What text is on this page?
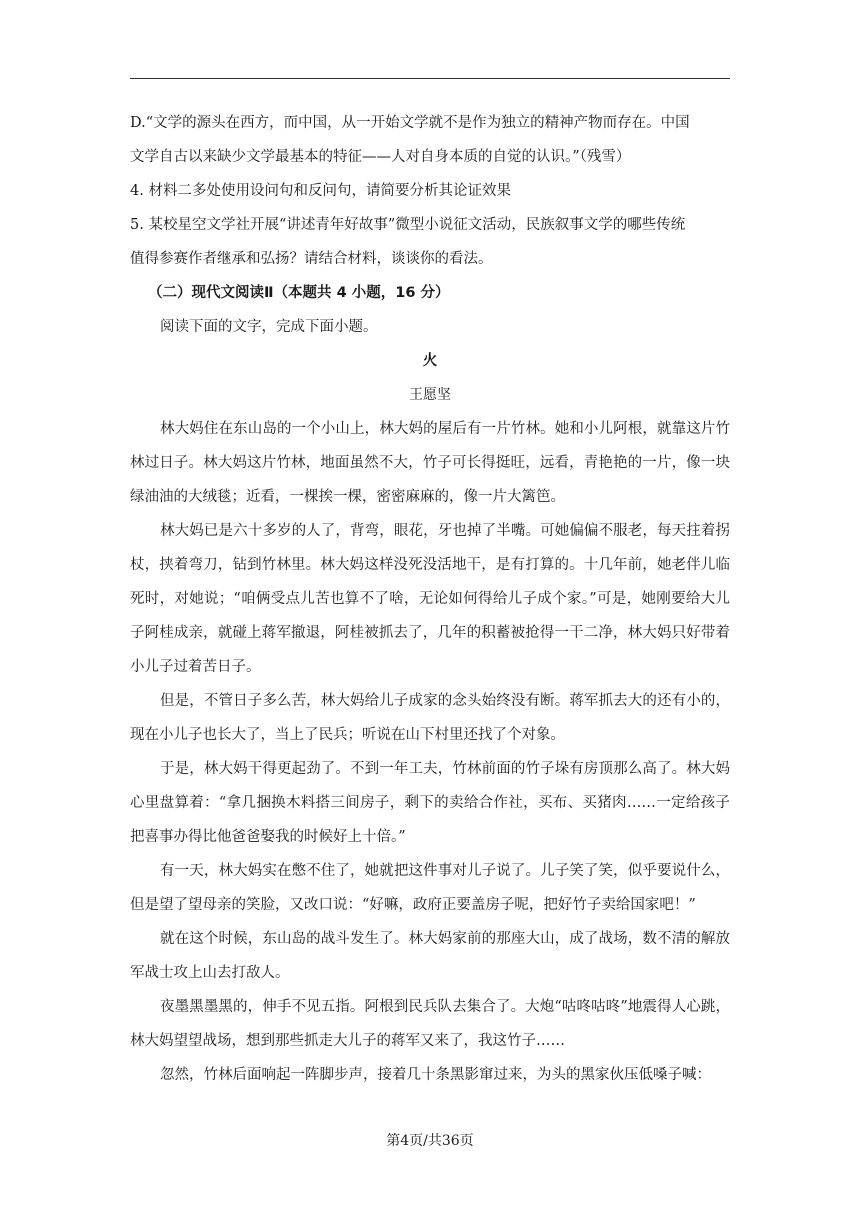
D.“文学的源头在西方，而中国，从一开始文学就不是作为独立的精神产物而存在。中国

文学自古以来缺少文学最基本的特征——人对自身本质的自觉的认识。”（残雪）

4. 材料二多处使用设问句和反问句，请简要分析其论证效果

5. 某校星空文学社开展“讲述青年好故事”微型小说征文活动，民族叙事文学的哪些传统

值得参赛作者继承和弘扬？请结合材料，谈谈你的看法。

（二）现代文阅读Ⅱ（本题共 4 小题，16 分）

阅读下面的文字，完成下面小题。

火

王愿坚

林大妈住在东山岛的一个小山上，林大妈的屋后有一片竹林。她和小儿阿根，就靠这片竹林过日子。林大妈这片竹林，地面虽然不大，竹子可长得挺旺，远看，青艳艳的一片，像一块绿油油的大绒毯；近看，一棵挨一棵，密密麻麻的，像一片大篱笆。

林大妈已是六十多岁的人了，背弯，眼花，牙也掉了半嘴。可她偏偏不服老，每天拄着拐杖，挟着弯刀，钻到竹林里。林大妈这样没死没活地干，是有打算的。十几年前，她老伴儿临死时，对她说；“咱俩受点儿苦也算不了啥，无论如何得给儿子成个家。”可是，她刚要给大儿子阿桂成亲，就碰上蒋军撤退，阿桂被抓去了，几年的积蓄被抢得一干二净，林大妈只好带着小儿子过着苦日子。

但是，不管日子多么苦，林大妈给儿子成家的念头始终没有断。蒋军抓去大的还有小的，现在小儿子也长大了，当上了民兵；听说在山下村里还找了个对象。

于是，林大妈干得更起劲了。不到一年工夫，竹林前面的竹子垛有房顶那么高了。林大妈心里盘算着：“拿几捆换木料搭三间房子，剩下的卖给合作社，买布、买猪肉……一定给孩子把喜事办得比他爸爸娶我的时候好上十倍。”

有一天，林大妈实在憋不住了，她就把这件事对儿子说了。儿子笑了笑，似乎要说什么，但是望了望母亲的笑脸，又改口说：“好嘛，政府正要盖房子呢，把好竹子卖给国家吧！”

就在这个时候，东山岛的战斗发生了。林大妈家前的那座大山，成了战场，数不清的解放军战士攻上山去打敌人。

夜墨黑墨黑的，伸手不见五指。阿根到民兵队去集合了。大炮“咕咚咕咚”地震得人心跳，林大妈望望战场，想到那些抓走大儿子的蒋军又来了，我这竹子……

忽然，竹林后面响起一阵脚步声，接着几十条黑影窜过来，为头的黑家伙压低嗓子喊：

第4页/共36页
